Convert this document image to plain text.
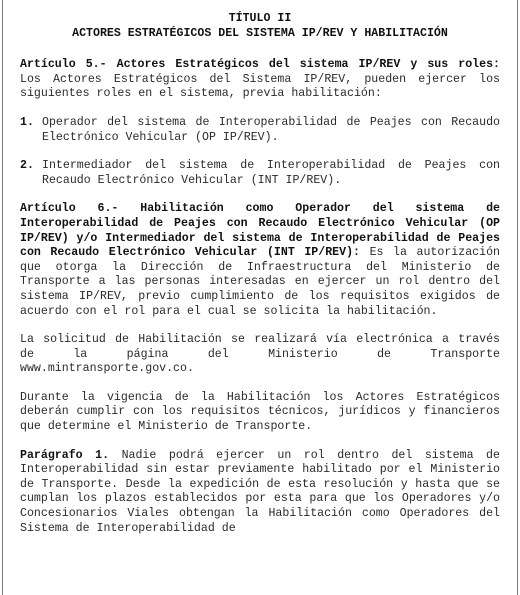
TÍTULO II
ACTORES ESTRATÉGICOS DEL SISTEMA IP/REV Y HABILITACIÓN

Artículo 5.- Actores Estratégicos del sistema IP/REV y sus roles: Los Actores Estratégicos del Sistema IP/REV, pueden ejercer los siguientes roles en el sistema, previa habilitación:

1. Operador del sistema de Interoperabilidad de Peajes con Recaudo Electrónico Vehicular (OP IP/REV).
2. Intermediador del sistema de Interoperabilidad de Peajes con Recaudo Electrónico Vehicular (INT IP/REV).

Artículo 6.- Habilitación como Operador del sistema de Interoperabilidad de Peajes con Recaudo Electrónico Vehicular (OP IP/REV) y/o Intermediador del sistema de Interoperabilidad de Peajes con Recaudo Electrónico Vehicular (INT IP/REV): Es la autorización que otorga la Dirección de Infraestructura del Ministerio de Transporte a las personas interesadas en ejercer un rol dentro del sistema IP/REV, previo cumplimiento de los requisitos exigidos de acuerdo con el rol para el cual se solicita la habilitación.

La solicitud de Habilitación se realizará vía electrónica a través de la página del Ministerio de Transporte

www.mintransporte.gov.co.

Durante la vigencia de la Habilitación los Actores Estratégicos deberán cumplir con los requisitos técnicos, jurídicos y financieros que determine el Ministerio de Transporte.

Parágrafo 1. Nadie podrá ejercer un rol dentro del sistema de Interoperabilidad sin estar previamente habilitado por el Ministerio de Transporte. Desde la expedición de esta resolución y hasta que se cumplan los plazos establecidos por esta para que los Operadores y/o Concesionarios Viales obtengan la Habilitación como Operadores del Sistema de Interoperabilidad de
